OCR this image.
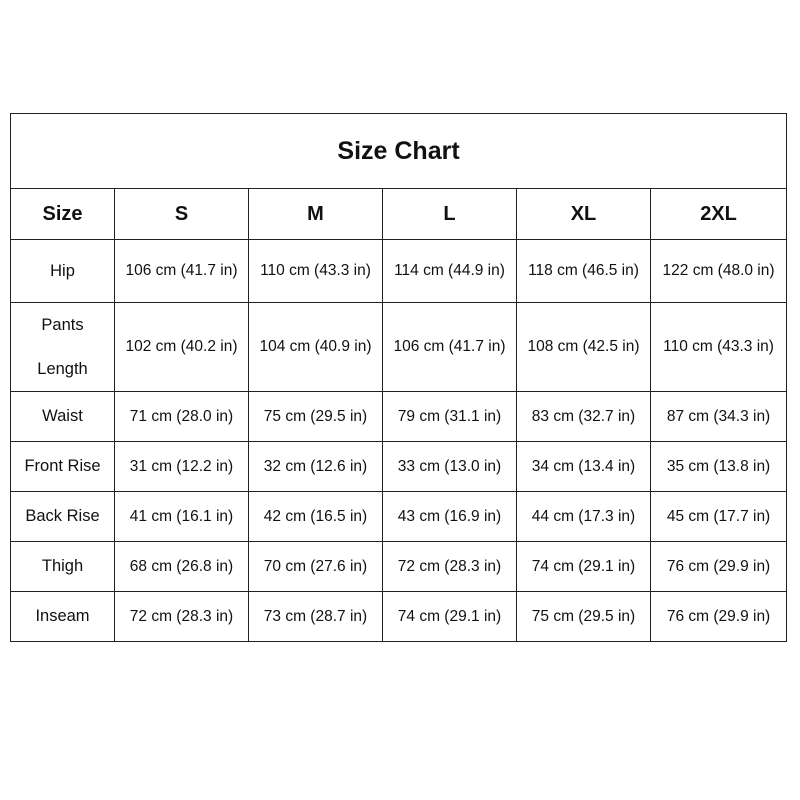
Size Chart					
Size	S	M	L	XL	2XL
Hip	106 cm (41.7 in)	110 cm (43.3 in)	114 cm (44.9 in)	118 cm (46.5 in)	122 cm (48.0 in)
Pants
Length	102 cm (40.2 in)	104 cm (40.9 in)	106 cm (41.7 in)	108 cm (42.5 in)	110 cm (43.3 in)
Waist	71 cm (28.0 in)	75 cm (29.5 in)	79 cm (31.1 in)	83 cm (32.7 in)	87 cm (34.3 in)
Front Rise	31 cm (12.2 in)	32 cm (12.6 in)	33 cm (13.0 in)	34 cm (13.4 in)	35 cm (13.8 in)
Back Rise	41 cm (16.1 in)	42 cm (16.5 in)	43 cm (16.9 in)	44 cm (17.3 in)	45 cm (17.7 in)
Thigh	68 cm (26.8 in)	70 cm (27.6 in)	72 cm (28.3 in)	74 cm (29.1 in)	76 cm (29.9 in)
Inseam	72 cm (28.3 in)	73 cm (28.7 in)	74 cm (29.1 in)	75 cm (29.5 in)	76 cm (29.9 in)
